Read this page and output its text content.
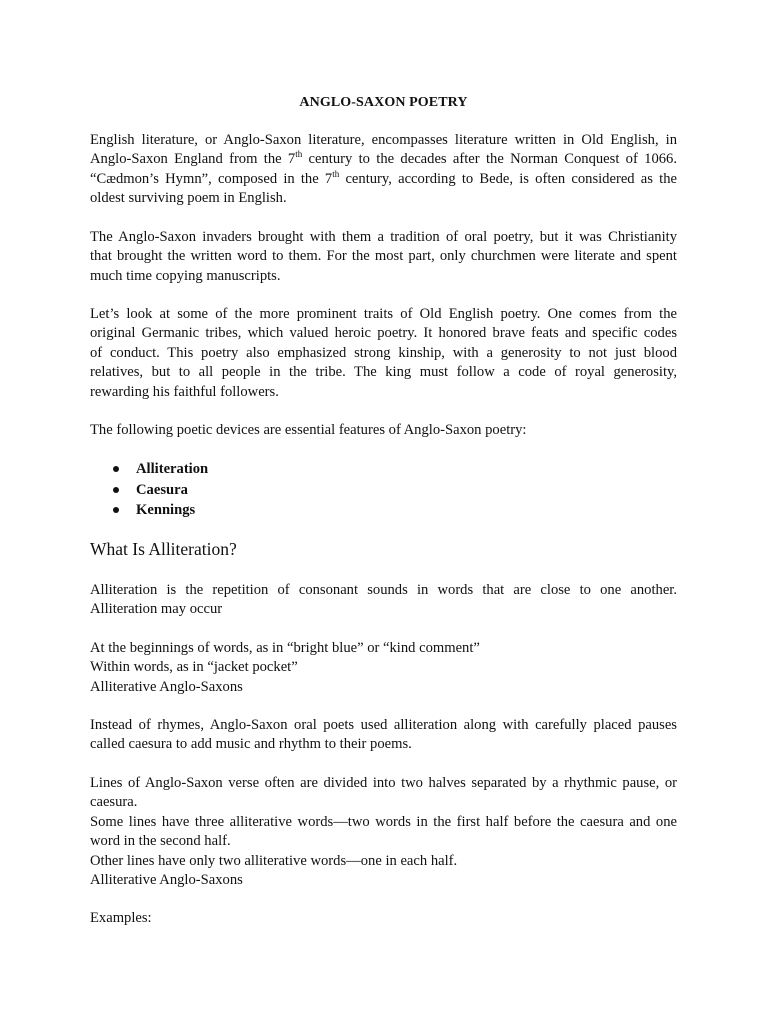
ANGLO-SAXON POETRY
English literature, or Anglo-Saxon literature, encompasses literature written in Old English, in
Anglo-Saxon England from the 7th century to the decades after the Norman Conquest of 1066.
“Cædmon’s Hymn”, composed in the 7th century, according to Bede, is often considered as the
oldest surviving poem in English.
The Anglo-Saxon invaders brought with them a tradition of oral poetry, but it was Christianity
that brought the written word to them. For the most part, only churchmen were literate and spent
much time copying manuscripts.
Let’s look at some of the more prominent traits of Old English poetry. One comes from the
original Germanic tribes, which valued heroic poetry. It honored brave feats and specific codes
of conduct. This poetry also emphasized strong kinship, with a generosity to not just blood
relatives, but to all people in the tribe. The king must follow a code of royal generosity,
rewarding his faithful followers.
The following poetic devices are essential features of Anglo-Saxon poetry:
Alliteration
Caesura
Kennings
What Is Alliteration?
Alliteration is the repetition of consonant sounds in words that are close to one another.
Alliteration may occur
At the beginnings of words, as in “bright blue” or “kind comment”
Within words, as in “jacket pocket”
Alliterative Anglo-Saxons
Instead of rhymes, Anglo-Saxon oral poets used alliteration along with carefully placed pauses
called caesura to add music and rhythm to their poems.
Lines of Anglo-Saxon verse often are divided into two halves separated by a rhythmic pause, or
caesura.
Some lines have three alliterative words—two words in the first half before the caesura and one
word in the second half.
Other lines have only two alliterative words—one in each half.
Alliterative Anglo-Saxons
Examples:
